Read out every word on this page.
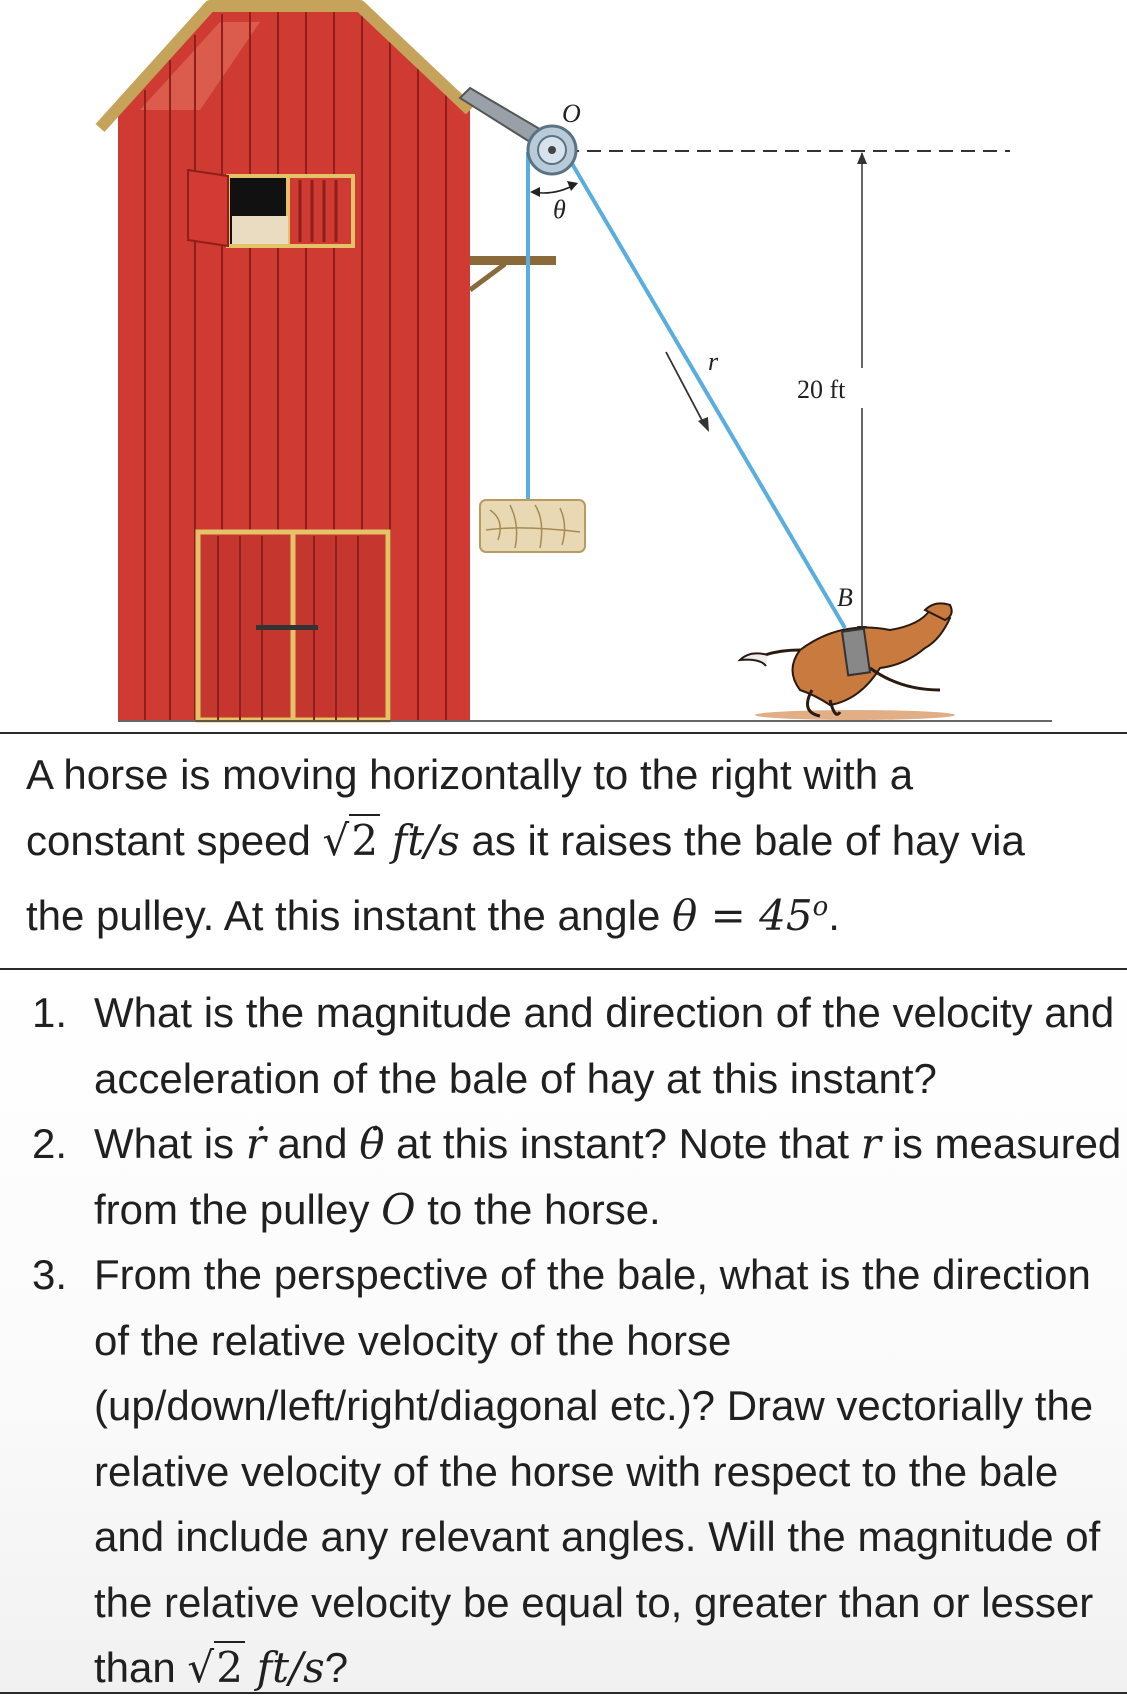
O
θ
r
20 ft
B
A horse is moving horizontally to the right with a
constant speed √2 ft/s as it raises the bale of hay via
the pulley. At this instant the angle $\theta = 45^o$.
1. What is the magnitude and direction of the velocity and acceleration of the bale of hay at this instant?
2. What is ṙ and θ̇ at this instant? Note that r is measured from the pulley O to the horse.
3. From the perspective of the bale, what is the direction of the relative velocity of the horse (up/down/left/right/diagonal etc.)? Draw vectorially the relative velocity of the horse with respect to the bale and include any relevant angles. Will the magnitude of the relative velocity be equal to, greater than or lesser than √2 ft/s?
